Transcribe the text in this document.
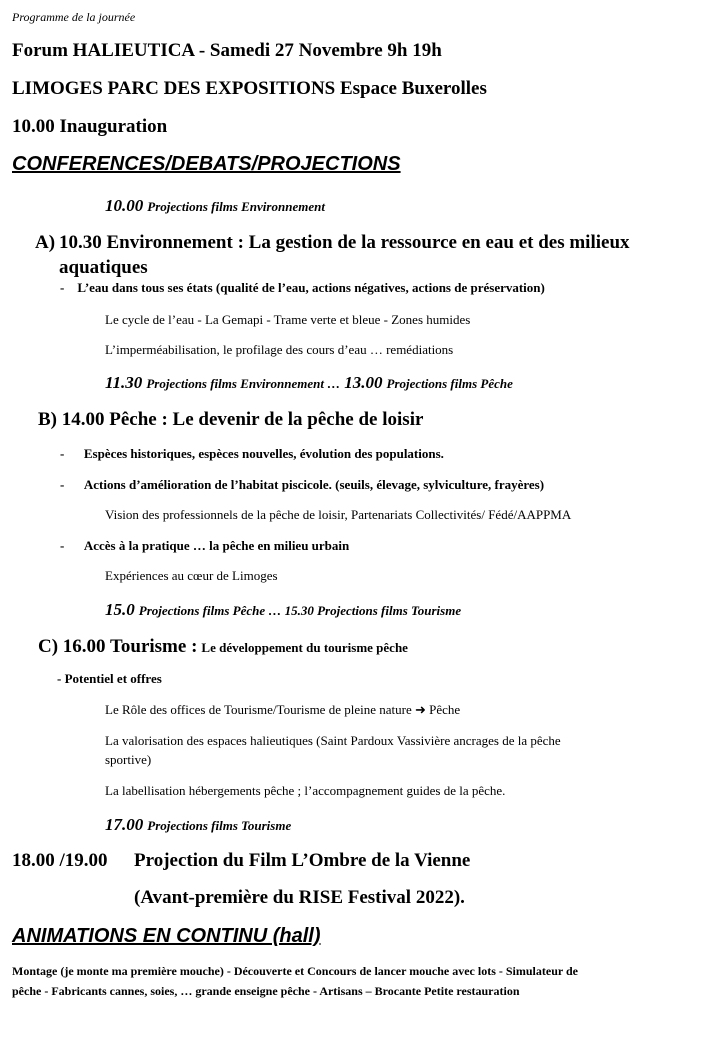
Programme de la journée
Forum HALIEUTICA - Samedi 27 Novembre 9h 19h
LIMOGES PARC DES EXPOSITIONS Espace Buxerolles
10.00 Inauguration
CONFERENCES/DEBATS/PROJECTIONS
10.00 Projections films Environnement
A) 10.30 Environnement : La gestion de la ressource en eau et des milieux
aquatiques
-    L’eau dans tous ses états (qualité de l’eau, actions négatives, actions de préservation)
Le cycle de l’eau - La Gemapi - Trame verte et bleue - Zones humides
L’imperméabilisation, le profilage des cours d’eau … remédiations
11.30 Projections films Environnement … 13.00 Projections films Pêche
B) 14.00 Pêche : Le devenir de la pêche de loisir
-      Espèces historiques, espèces nouvelles, évolution des populations.
-      Actions d’amélioration de l’habitat piscicole. (seuils, élevage, sylviculture, frayères)
Vision des professionnels de la pêche de loisir, Partenariats Collectivités/ Fédé/AAPPMA
-      Accès à la pratique … la pêche en milieu urbain
Expériences au cœur de Limoges
15.0 Projections films Pêche … 15.30 Projections films Tourisme
C) 16.00 Tourisme : Le développement du tourisme pêche
- Potentiel et offres
Le Rôle des offices de Tourisme/Tourisme de pleine nature ➜ Pêche
La valorisation des espaces halieutiques (Saint Pardoux Vassivière ancrages de la pêche
sportive)
La labellisation hébergements pêche ; l’accompagnement guides de la pêche.
17.00 Projections films Tourisme
18.00 /19.00 Projection du Film L’Ombre de la Vienne
(Avant-première du RISE Festival 2022).
ANIMATIONS EN CONTINU (hall)
Montage (je monte ma première mouche) - Découverte et Concours de lancer mouche avec lots - Simulateur de
pêche - Fabricants cannes, soies, … grande enseigne pêche - Artisans – Brocante Petite restauration
